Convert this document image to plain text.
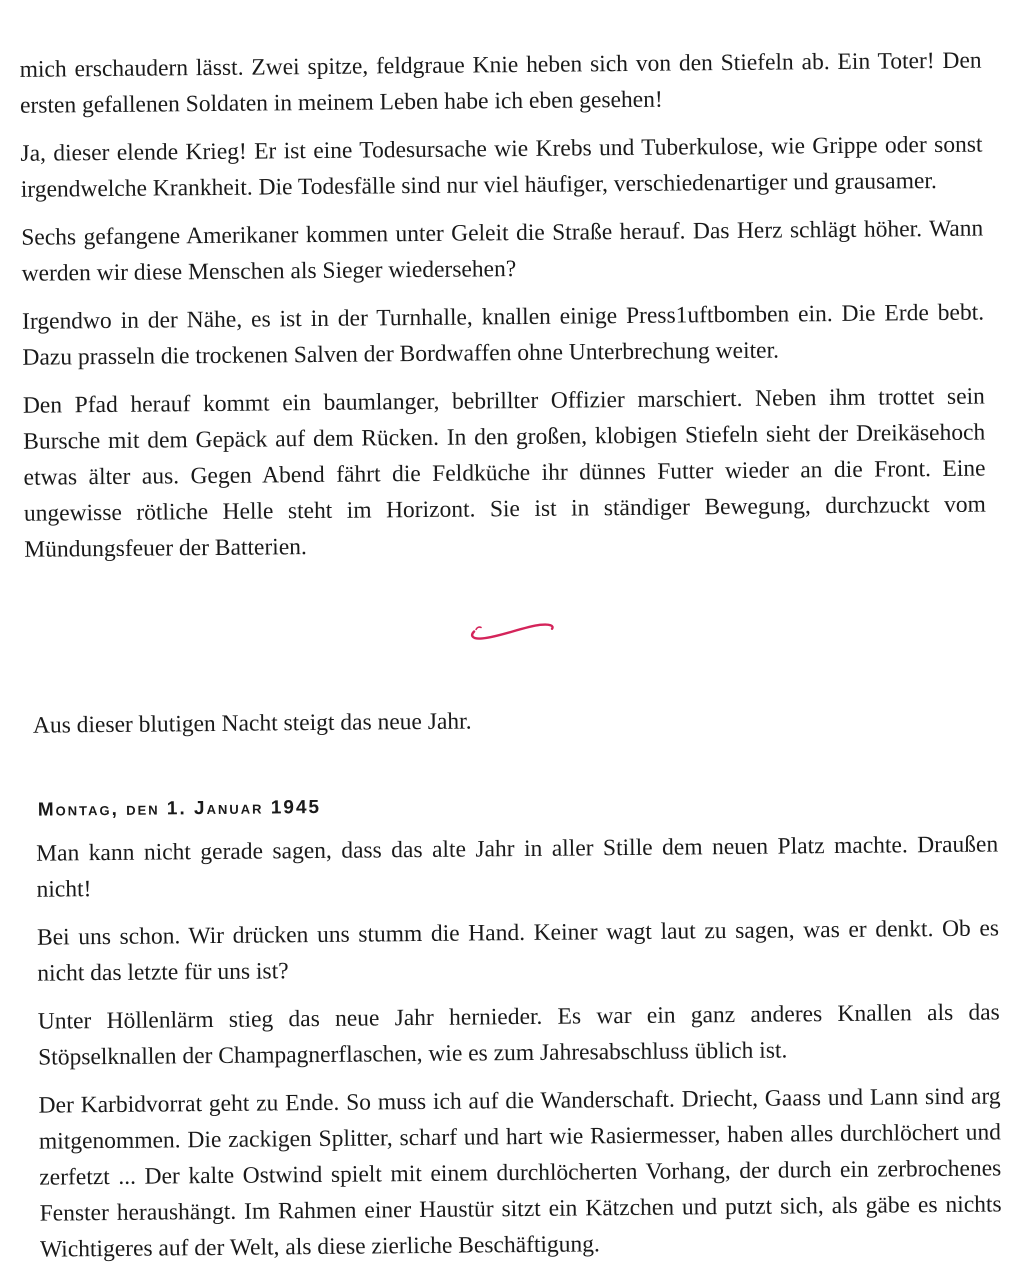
mich erschaudern lässt. Zwei spitze, feldgraue Knie heben sich von den Stiefeln ab. Ein Toter! Den ersten gefallenen Soldaten in meinem Leben habe ich eben gesehen!

Ja, dieser elende Krieg! Er ist eine Todesursache wie Krebs und Tuberkulose, wie Grippe oder sonst irgendwelche Krankheit. Die Todesfälle sind nur viel häufiger, verschiedenartiger und grausamer.

Sechs gefangene Amerikaner kommen unter Geleit die Straße herauf. Das Herz schlägt höher. Wann werden wir diese Menschen als Sieger wiedersehen?

Irgendwo in der Nähe, es ist in der Turnhalle, knallen einige Press1uftbomben ein. Die Erde bebt. Dazu prasseln die trockenen Salven der Bordwaffen ohne Unterbrechung weiter.

Den Pfad herauf kommt ein baumlanger, bebrillter Offizier marschiert. Neben ihm trottet sein Bursche mit dem Gepäck auf dem Rücken. In den großen, klobigen Stiefeln sieht der Dreikäsehoch etwas älter aus. Gegen Abend fährt die Feldküche ihr dünnes Futter wieder an die Front. Eine ungewisse rötliche Helle steht im Horizont. Sie ist in ständiger Bewegung, durchzuckt vom Mündungsfeuer der Batterien.

Aus dieser blutigen Nacht steigt das neue Jahr.
Montag, den 1. Januar 1945

Man kann nicht gerade sagen, dass das alte Jahr in aller Stille dem neuen Platz machte. Draußen nicht!

Bei uns schon. Wir drücken uns stumm die Hand. Keiner wagt laut zu sagen, was er denkt. Ob es nicht das letzte für uns ist?

Unter Höllenlärm stieg das neue Jahr hernieder. Es war ein ganz anderes Knallen als das Stöpselknallen der Champagnerflaschen, wie es zum Jahresabschluss üblich ist.

Der Karbidvorrat geht zu Ende. So muss ich auf die Wanderschaft. Driecht, Gaass und Lann sind arg mitgenommen. Die zackigen Splitter, scharf und hart wie Rasiermesser, haben alles durchlöchert und zerfetzt ... Der kalte Ostwind spielt mit einem durchlöcherten Vorhang, der durch ein zerbrochenes Fenster heraushängt. Im Rahmen einer Haustür sitzt ein Kätzchen und putzt sich, als gäbe es nichts Wichtigeres auf der Welt, als diese zierliche Beschäftigung.
